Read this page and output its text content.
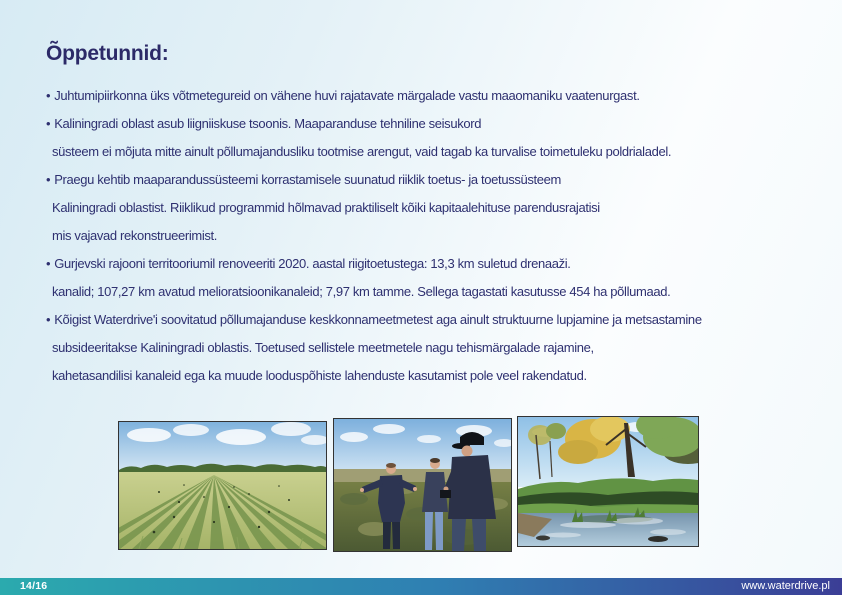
Õppetunnid:
• Juhtumipiirkonna üks võtmetegureid on vähene huvi rajatavate märgalade vastu maaomaniku vaatenurgast.
• Kaliningradi oblast asub liigniiskuse tsoonis. Maaparanduse tehniline seisukord
süsteem ei mõjuta mitte ainult põllumajandusliku tootmise arengut, vaid tagab ka turvalise toimetuleku poldrialadel.
• Praegu kehtib maaparandussüsteemi korrastamisele suunatud riiklik toetus- ja toetussüsteem
Kaliningradi oblastist. Riiklikud programmid hõlmavad praktiliselt kõiki kapitaalehituse parendusrajatisi
mis vajavad rekonstrueerimist.
• Gurjevski rajooni territooriumil renoveeriti 2020. aastal riigitoetustega: 13,3 km suletud drenaaži.
kanalid; 107,27 km avatud melioratsioonikanaleid; 7,97 km tamme. Sellega tagastati kasutusse 454 ha põllumaad.
• Kõigist Waterdrive'i soovitatud põllumajanduse keskkonnameetmetest aga ainult struktuurne lupjamine ja metsastamine
subsideeritakse Kaliningradi oblastis. Toetused sellistele meetmetele nagu tehismärgalade rajamine,
kahetasandilisi kanaleid ega ka muude looduspõhiste lahenduste kasutamist pole veel rakendatud.
14/16	www.waterdrive.pl
